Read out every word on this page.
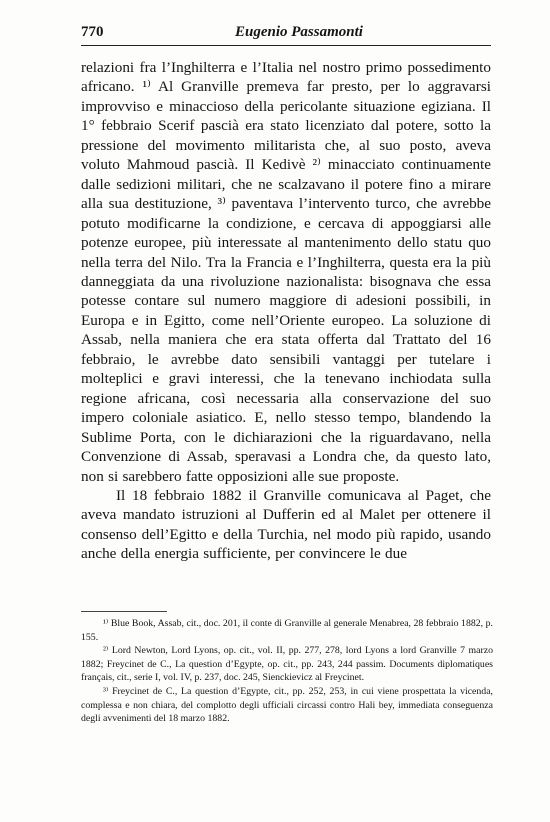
770	Eugenio Passamonti

relazioni fra l’Inghilterra e l’Italia nel nostro primo possedimento africano. ¹⁾ Al Granville premeva far presto, per lo aggravarsi improvviso e minaccioso della pericolante situazione egiziana. Il 1° febbraio Scerif pascià era stato licenziato dal potere, sotto la pressione del movimento militarista che, al suo posto, aveva voluto Mahmoud pascià. Il Kedivè ²⁾ minacciato continuamente dalle sedizioni militari, che ne scalzavano il potere fino a mirare alla sua destituzione, ³⁾ paventava l’intervento turco, che avrebbe potuto modificarne la condizione, e cercava di appoggiarsi alle potenze europee, più interessate al mantenimento dello statu quo nella terra del Nilo. Tra la Francia e l’Inghilterra, questa era la più danneggiata da una rivoluzione nazionalista: bisognava che essa potesse contare sul numero maggiore di adesioni possibili, in Europa e in Egitto, come nell’Oriente europeo. La soluzione di Assab, nella maniera che era stata offerta dal Trattato del 16 febbraio, le avrebbe dato sensibili vantaggi per tutelare i molteplici e gravi interessi, che la tenevano inchiodata sulla regione africana, così necessaria alla conservazione del suo impero coloniale asiatico. E, nello stesso tempo, blandendo la Sublime Porta, con le dichiarazioni che la riguardavano, nella Convenzione di Assab, speravasi a Londra che, da questo lato, non si sarebbero fatte opposizioni alle sue proposte.

Il 18 febbraio 1882 il Granville comunicava al Paget, che aveva mandato istruzioni al Dufferin ed al Malet per ottenere il consenso dell’Egitto e della Turchia, nel modo più rapido, usando anche della energia sufficiente, per convincere le due

¹⁾ Blue Book, Assab, cit., doc. 201, il conte di Granville al generale Menabrea, 28 febbraio 1882, p. 155.

²⁾ Lord Newton, Lord Lyons, op. cit., vol. II, pp. 277, 278, lord Lyons a lord Granville 7 marzo 1882; Freycinet de C., La question d’Egypte, op. cit., pp. 243, 244 passim. Documents diplomatiques français, cit., serie I, vol. IV, p. 237, doc. 245, Sienckievicz al Freycinet.

³⁾ Freycinet de C., La question d’Egypte, cit., pp. 252, 253, in cui viene prospettata la vicenda, complessa e non chiara, del complotto degli ufficiali circassi contro Hali bey, immediata conseguenza degli avvenimenti del 18 marzo 1882.
